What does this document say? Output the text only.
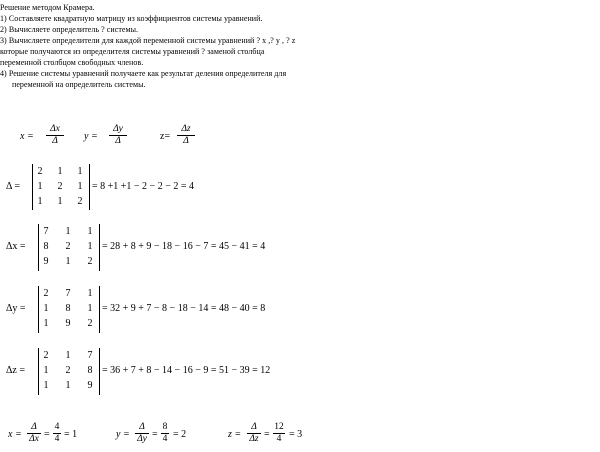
Решение методом Крамера.
1) Составляете квадратную матрицу из коэффициентов системы уравнений.
2) Вычисляете определитель ? системы.
3) Вычисляете определители для каждой переменной системы уравнений ? x ,? y , ? z
которые получаются из определителя системы уравнений ? заменой столбца
переменной столбцом свободных членов.
4) Решение системы уравнений получаете как результат деления определителя для
переменной на определитель системы.
x =
Δx
Δ	y =
Δy
Δ	z=
Δz
Δ
Δ =
2	1	1
1	2	1
1	1	2
= 8 +1 +1 − 2 − 2 − 2 = 4
Δx =
7	1	1
8	2	1
9	1	2
= 28 + 8 + 9 − 18 − 16 − 7 = 45 − 41 = 4
Δy =
2	7	1
1	8	1
1	9	2
= 32 + 9 + 7 − 8 − 18 − 14 = 48 − 40 = 8
Δz =
2	1	7
1	2	8
1	1	9
= 36 + 7 + 8 − 14 − 16 − 9 = 51 − 39 = 12
x =
Δ
Δx =
4
4 = 1	y =
Δ
Δy =
8
4 = 2	z =
Δ
Δz =
12
4 = 3
